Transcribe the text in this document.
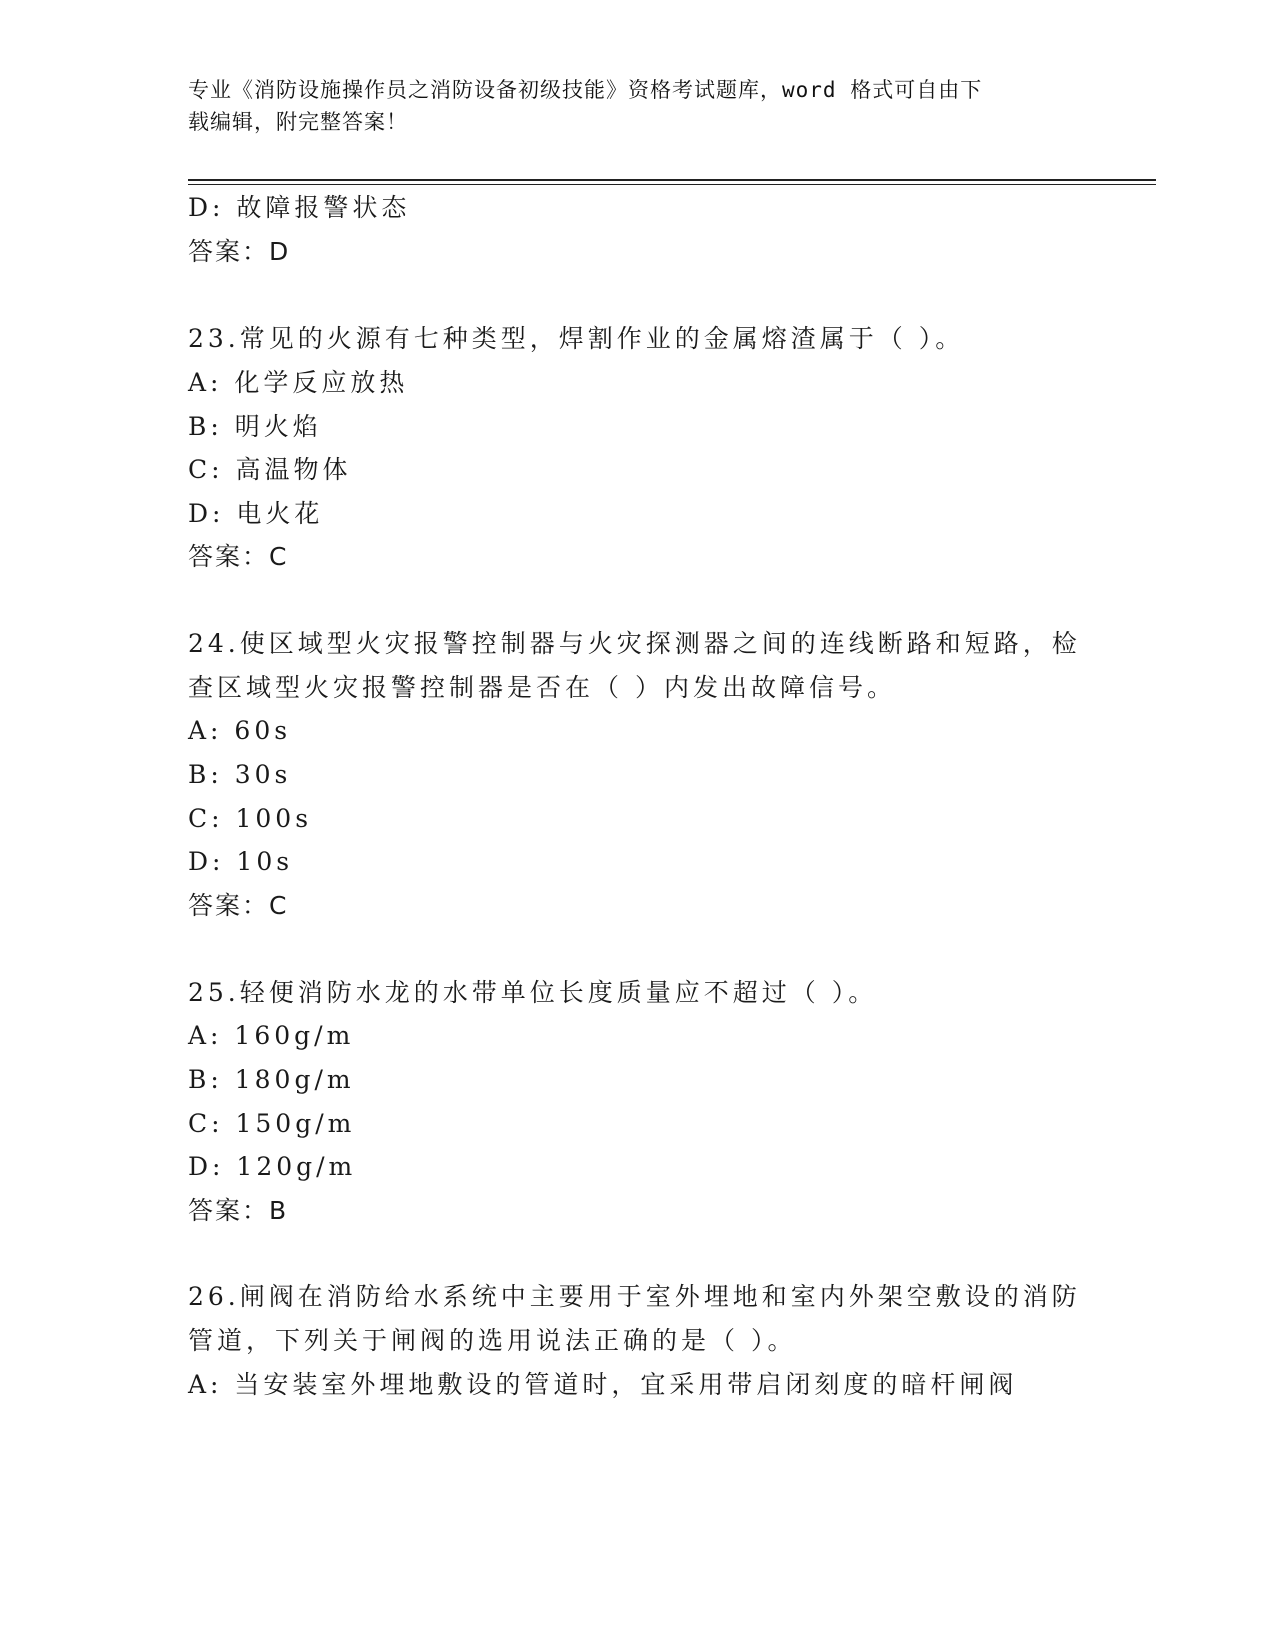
专业《消防设施操作员之消防设备初级技能》资格考试题库，word 格式可自由下
载编辑，附完整答案！
D: 故障报警状态
答案：D
23.常见的火源有七种类型，焊割作业的金属熔渣属于（ ）。
A: 化学反应放热
B: 明火焰
C: 高温物体
D: 电火花
答案：C
24.使区域型火灾报警控制器与火灾探测器之间的连线断路和短路，检
查区域型火灾报警控制器是否在（ ）内发出故障信号。
A: 60s
B: 30s
C: 100s
D: 10s
答案：C
25.轻便消防水龙的水带单位长度质量应不超过（ ）。
A: 160g/m
B: 180g/m
C: 150g/m
D: 120g/m
答案：B
26.闸阀在消防给水系统中主要用于室外埋地和室内外架空敷设的消防
管道，下列关于闸阀的选用说法正确的是（ ）。
A: 当安装室外埋地敷设的管道时，宜采用带启闭刻度的暗杆闸阀
